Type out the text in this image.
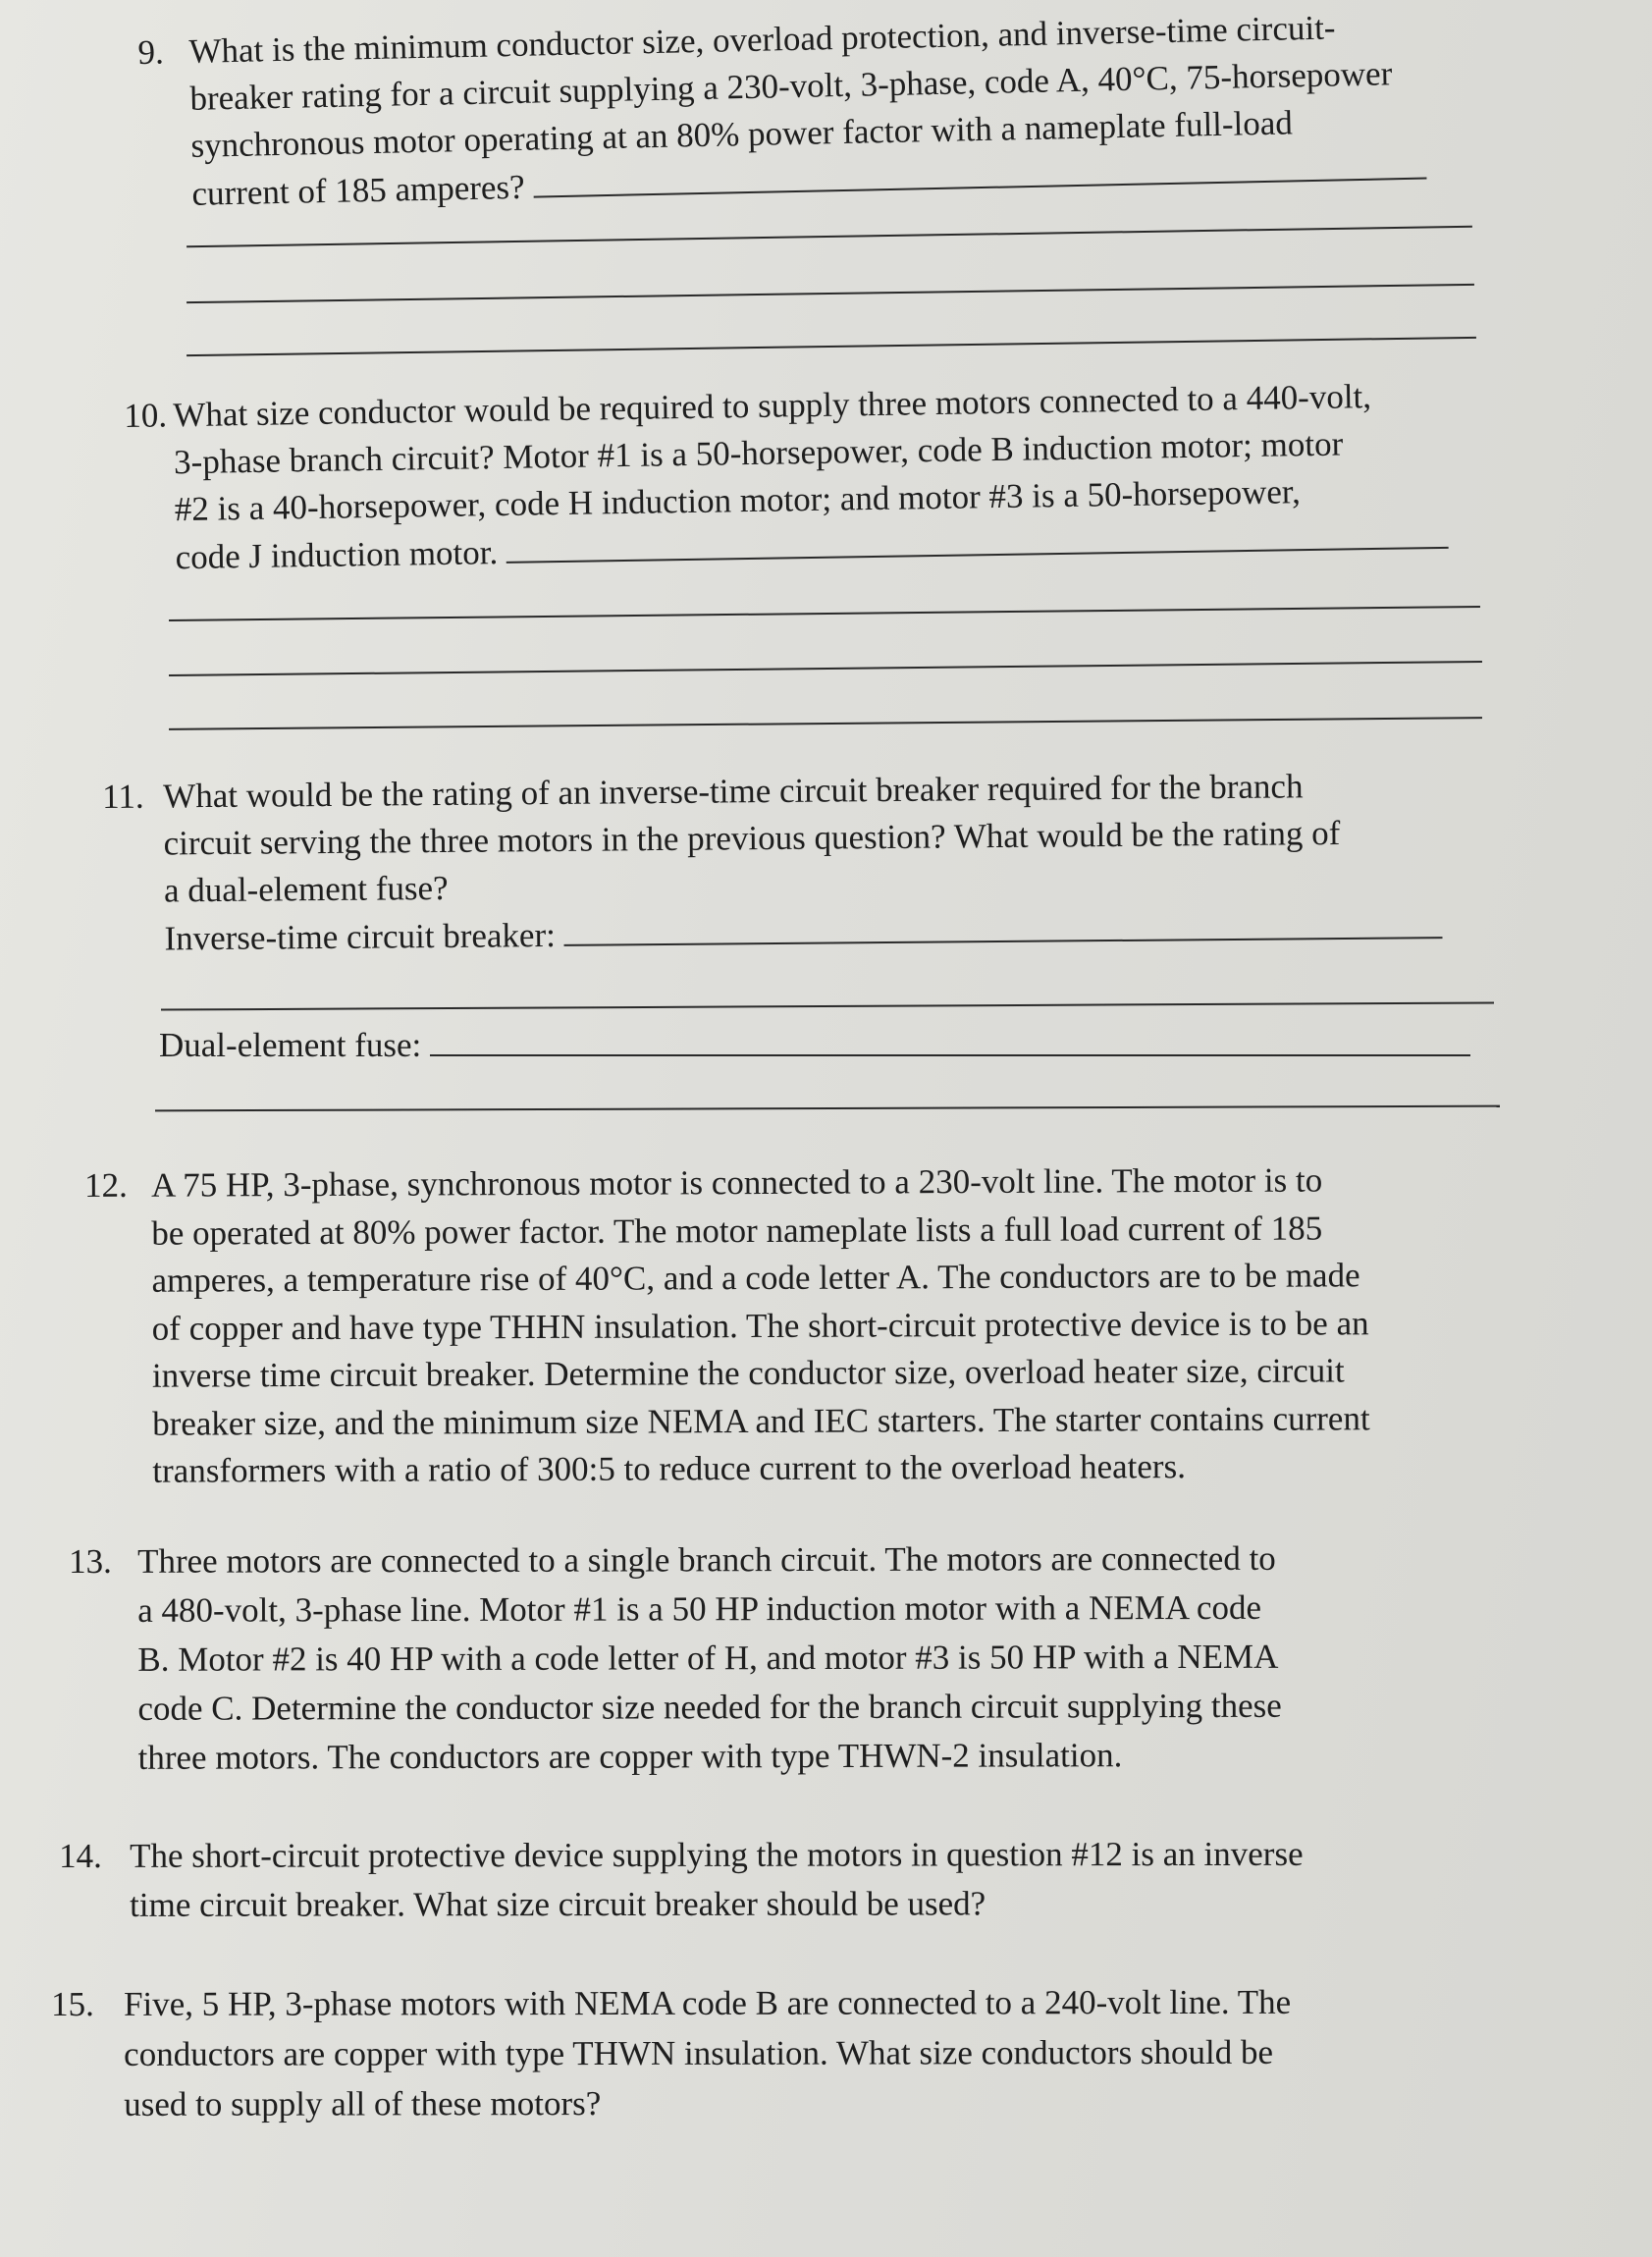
9. What is the minimum conductor size, overload protection, and inverse-time circuit-
breaker rating for a circuit supplying a 230-volt, 3-phase, code A, 40°C, 75-horsepower
synchronous motor operating at an 80% power factor with a nameplate full-load
current of 185 amperes?
10. What size conductor would be required to supply three motors connected to a 440-volt,
3-phase branch circuit? Motor #1 is a 50-horsepower, code B induction motor; motor
#2 is a 40-horsepower, code H induction motor; and motor #3 is a 50-horsepower,
code J induction motor.
11. What would be the rating of an inverse-time circuit breaker required for the branch
circuit serving the three motors in the previous question? What would be the rating of
a dual-element fuse?
Inverse-time circuit breaker:
Dual-element fuse:
12. A 75 HP, 3-phase, synchronous motor is connected to a 230-volt line. The motor is to
be operated at 80% power factor. The motor nameplate lists a full load current of 185
amperes, a temperature rise of 40°C, and a code letter A. The conductors are to be made
of copper and have type THHN insulation. The short-circuit protective device is to be an
inverse time circuit breaker. Determine the conductor size, overload heater size, circuit
breaker size, and the minimum size NEMA and IEC starters. The starter contains current
transformers with a ratio of 300:5 to reduce current to the overload heaters.
13. Three motors are connected to a single branch circuit. The motors are connected to
a 480-volt, 3-phase line. Motor #1 is a 50 HP induction motor with a NEMA code
B. Motor #2 is 40 HP with a code letter of H, and motor #3 is 50 HP with a NEMA
code C. Determine the conductor size needed for the branch circuit supplying these
three motors. The conductors are copper with type THWN-2 insulation.
14. The short-circuit protective device supplying the motors in question #12 is an inverse
time circuit breaker. What size circuit breaker should be used?
15. Five, 5 HP, 3-phase motors with NEMA code B are connected to a 240-volt line. The
conductors are copper with type THWN insulation. What size conductors should be
used to supply all of these motors?
